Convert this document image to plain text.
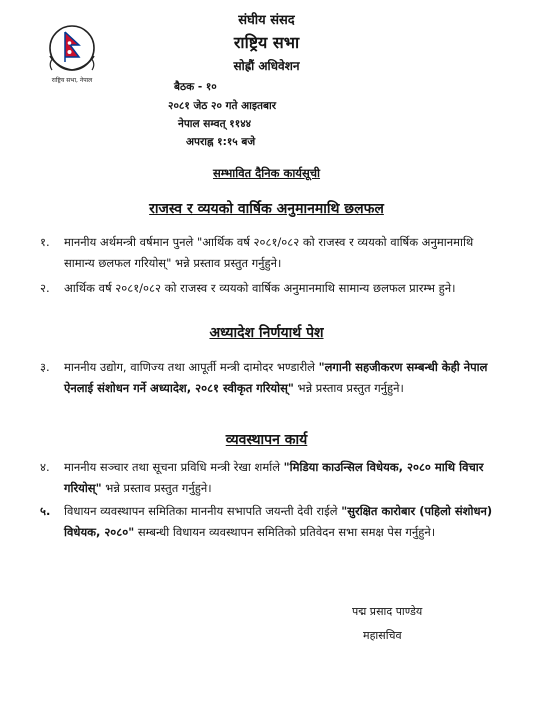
राष्ट्रिय सभा, नेपाल
संघीय संसद
राष्ट्रिय सभा
सोह्रौं अधिवेशन
बैठक - १०
२०८१ जेठ २० गते आइतबार
नेपाल सम्वत् ११४४
अपराह्न १:१५ बजे
सम्भावित दैनिक कार्यसूची
राजस्व र व्ययको वार्षिक अनुमानमाथि छलफल
१.	माननीय अर्थमन्त्री वर्षमान पुनले "आर्थिक वर्ष २०८१/०८२ को राजस्व र व्ययको वार्षिक अनुमानमाथि सामान्य छलफल गरियोस्" भन्ने प्रस्ताव प्रस्तुत गर्नुहुने।
२.	आर्थिक वर्ष २०८१/०८२ को राजस्व र व्ययको वार्षिक अनुमानमाथि सामान्य छलफल प्रारम्भ हुने।
अध्यादेश निर्णयार्थ पेश
३.	माननीय उद्योग, वाणिज्य तथा आपूर्ती मन्त्री दामोदर भण्डारीले "लगानी सहजीकरण सम्बन्धी केही नेपाल ऐनलाई संशोधन गर्ने अध्यादेश, २०८१ स्वीकृत गरियोस्" भन्ने प्रस्ताव प्रस्तुत गर्नुहुने।
व्यवस्थापन कार्य
४.	माननीय सञ्चार तथा सूचना प्रविधि मन्त्री रेखा शर्माले "मिडिया काउन्सिल विधेयक, २०८० माथि विचार गरियोस्" भन्ने प्रस्ताव प्रस्तुत गर्नुहुने।
५.	विधायन व्यवस्थापन समितिका माननीय सभापति जयन्ती देवी राईले "सुरक्षित कारोबार (पहिलो संशोधन) विधेयक, २०८०" सम्बन्धी विधायन व्यवस्थापन समितिको प्रतिवेदन सभा समक्ष पेस गर्नुहुने।
पद्म प्रसाद पाण्डेय
महासचिव
